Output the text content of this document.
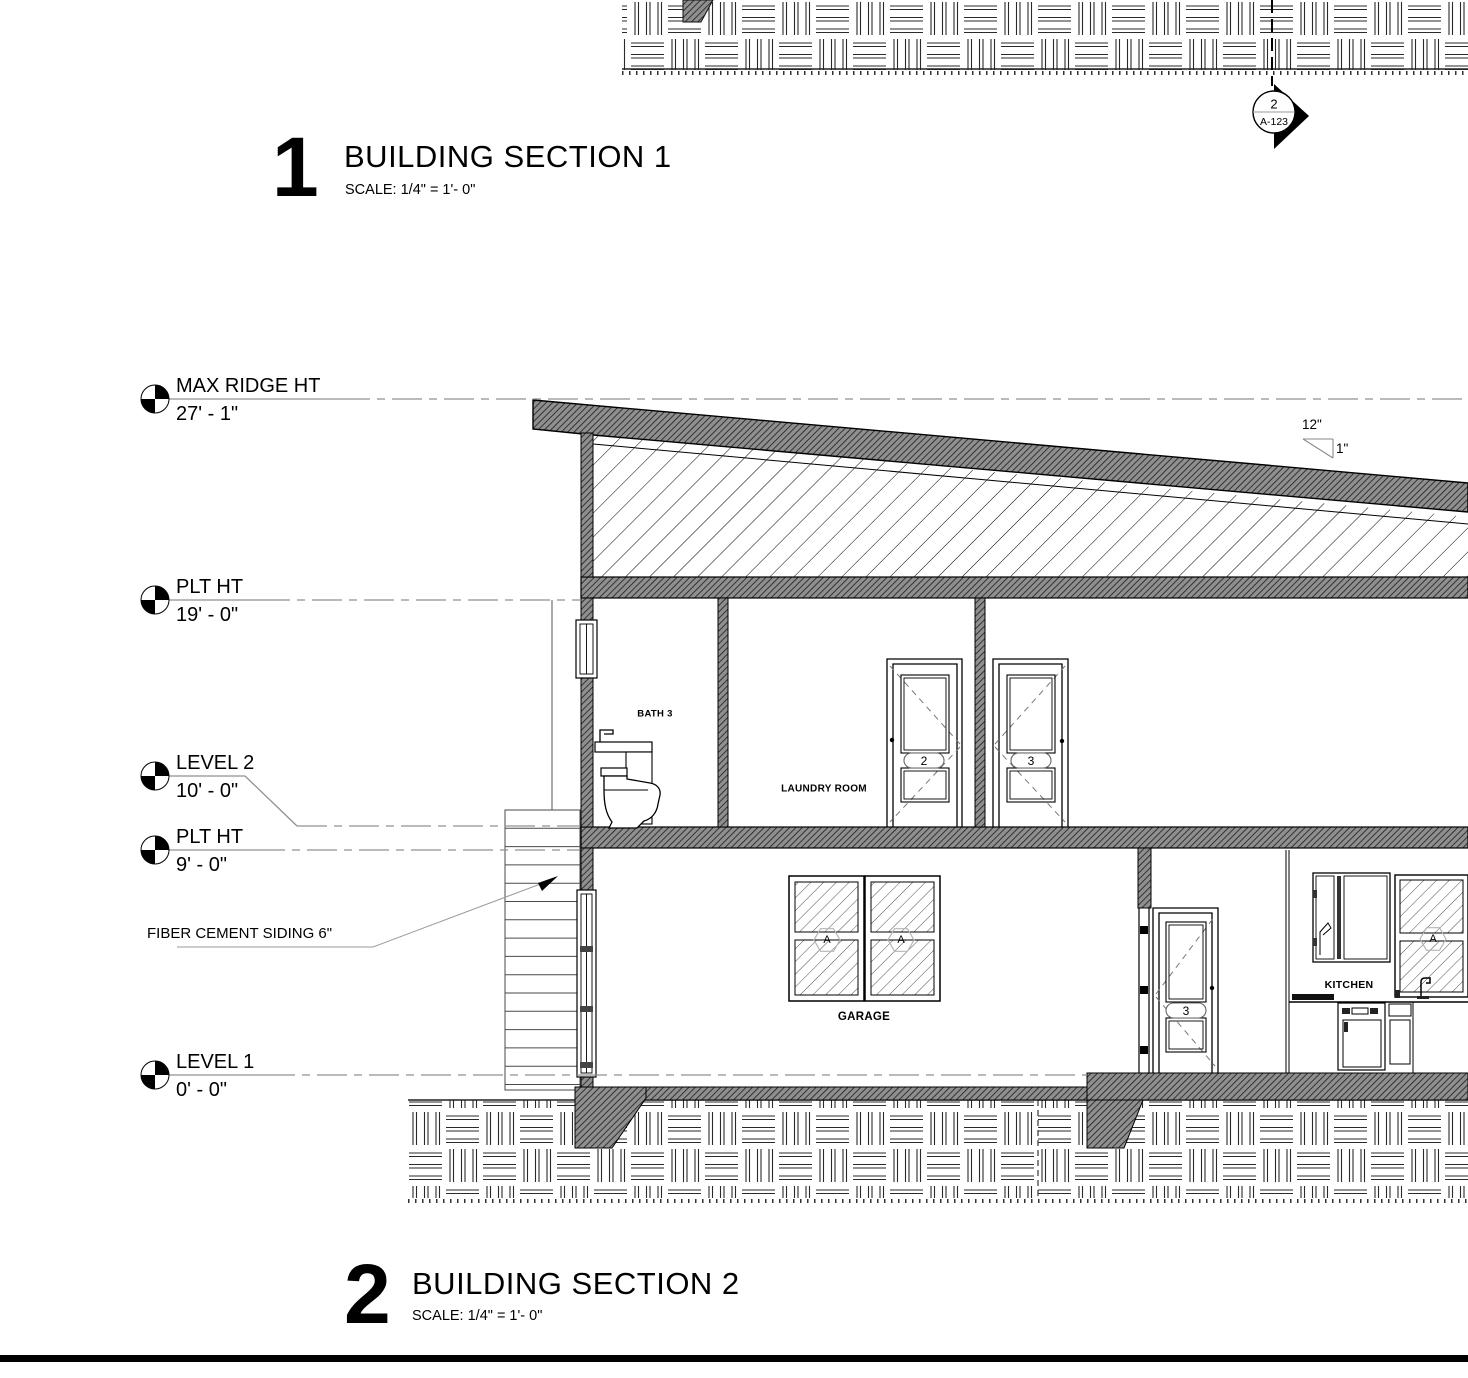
1 BUILDING SECTION 1
SCALE: 1/4" = 1'- 0"
2 BUILDING SECTION 2
SCALE: 1/4" = 1'- 0"
MAX RIDGE HT
27' - 1"
PLT HT
19' - 0"
LEVEL 2
10' - 0"
PLT HT
9' - 0"
LEVEL 1
0' - 0"
FIBER CEMENT SIDING 6"
BATH 3
LAUNDRY ROOM
GARAGE
KITCHEN
2	3
3
A	A	A
12"
1"
2
A-123
